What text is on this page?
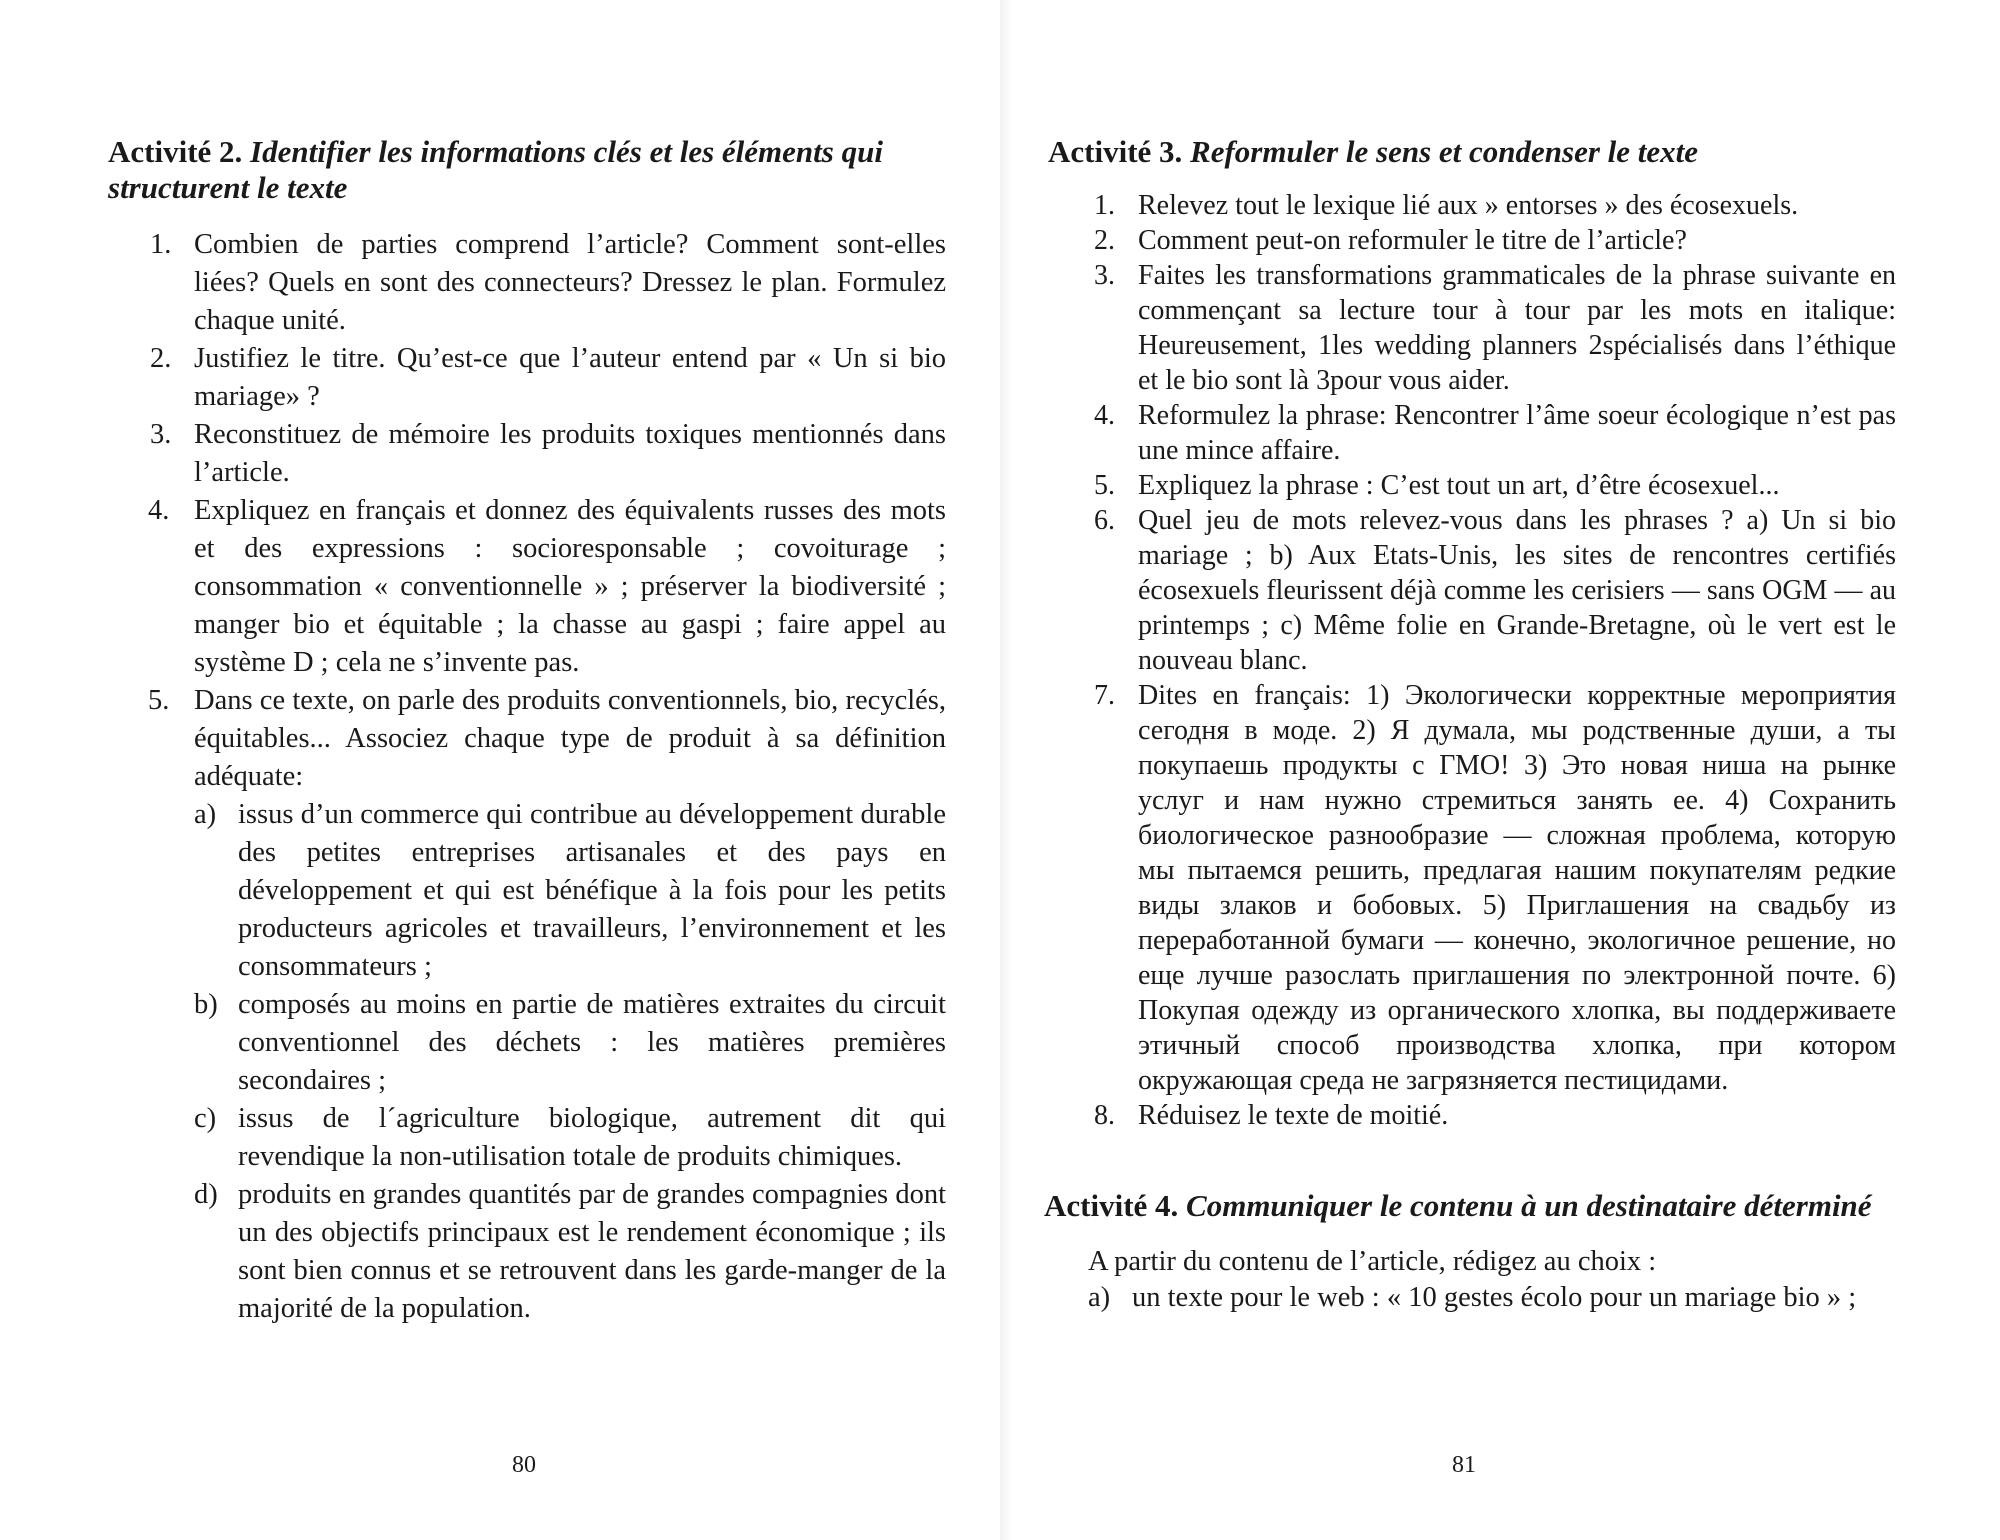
Activité 2. Identifier les informations clés et les éléments qui structurent le texte
1. Combien de parties comprend l’article? Comment sont-elles liées? Quels en sont des connecteurs? Dressez le plan. Formulez chaque unité.
2. Justifiez le titre. Qu’est-ce que l’auteur entend par « Un si bio mariage» ?
3. Reconstituez de mémoire les produits toxiques mentionnés dans l’article.
4. Expliquez en français et donnez des équivalents russes des mots et des expressions : socioresponsable ; covoiturage ; consommation « conventionnelle » ; préserver la biodiversité ; manger bio et équitable ; la chasse au gaspi ; faire appel au système D ; cela ne s’invente pas.
5. Dans ce texte, on parle des produits conventionnels, bio, recyclés, équitables... Associez chaque type de produit à sa définition adéquate:
a) issus d’un commerce qui contribue au développement durable des petites entreprises artisanales et des pays en développement et qui est bénéfique à la fois pour les petits producteurs agricoles et travailleurs, l’environnement et les consommateurs ;
b) composés au moins en partie de matières extraites du circuit conventionnel des déchets : les matières premières secondaires ;
c) issus de l´agriculture biologique, autrement dit qui revendique la non-utilisation totale de produits chimiques.
d) produits en grandes quantités par de grandes compagnies dont un des objectifs principaux est le rendement économique ; ils sont bien connus et se retrouvent dans les garde-manger de la majorité de la population.
80
Activité 3. Reformuler le sens et condenser le texte
1. Relevez tout le lexique lié aux » entorses » des écosexuels.
2. Comment peut-on reformuler le titre de l’article?
3. Faites les transformations grammaticales de la phrase suivante en commençant sa lecture tour à tour par les mots en italique: Heureusement, 1les wedding planners 2spécialisés dans l’éthique et le bio sont là 3pour vous aider.
4. Reformulez la phrase: Rencontrer l’âme soeur écologique n’est pas une mince affaire.
5. Expliquez la phrase : C’est tout un art, d’être écosexuel...
6. Quel jeu de mots relevez-vous dans les phrases ? a) Un si bio mariage ; b) Aux Etats-Unis, les sites de rencontres certifiés écosexuels fleurissent déjà comme les cerisiers — sans OGM — au printemps ; c) Même folie en Grande-Bretagne, où le vert est le nouveau blanc.
7. Dites en français: 1) Экологически корректные мероприятия сегодня в моде. 2) Я думала, мы родственные души, а ты покупаешь продукты с ГМО! 3) Это новая ниша на рынке услуг и нам нужно стремиться занять ее. 4) Сохранить биологическое разнообразие — сложная проблема, которую мы пытаемся решить, предлагая нашим покупателям редкие виды злаков и бобовых. 5) Приглашения на свадьбу из переработанной бумаги — конечно, экологичное решение, но еще лучше разослать приглашения по электронной почте. 6) Покупая одежду из органического хлопка, вы поддерживаете этичный способ производства хлопка, при котором окружающая среда не загрязняется пестицидами.
8. Réduisez le texte de moitié.
Activité 4. Communiquer le contenu à un destinataire déterminé

A partir du contenu de l’article, rédigez au choix :

a) un texte pour le web : « 10 gestes écolo pour un mariage bio » ;
81
